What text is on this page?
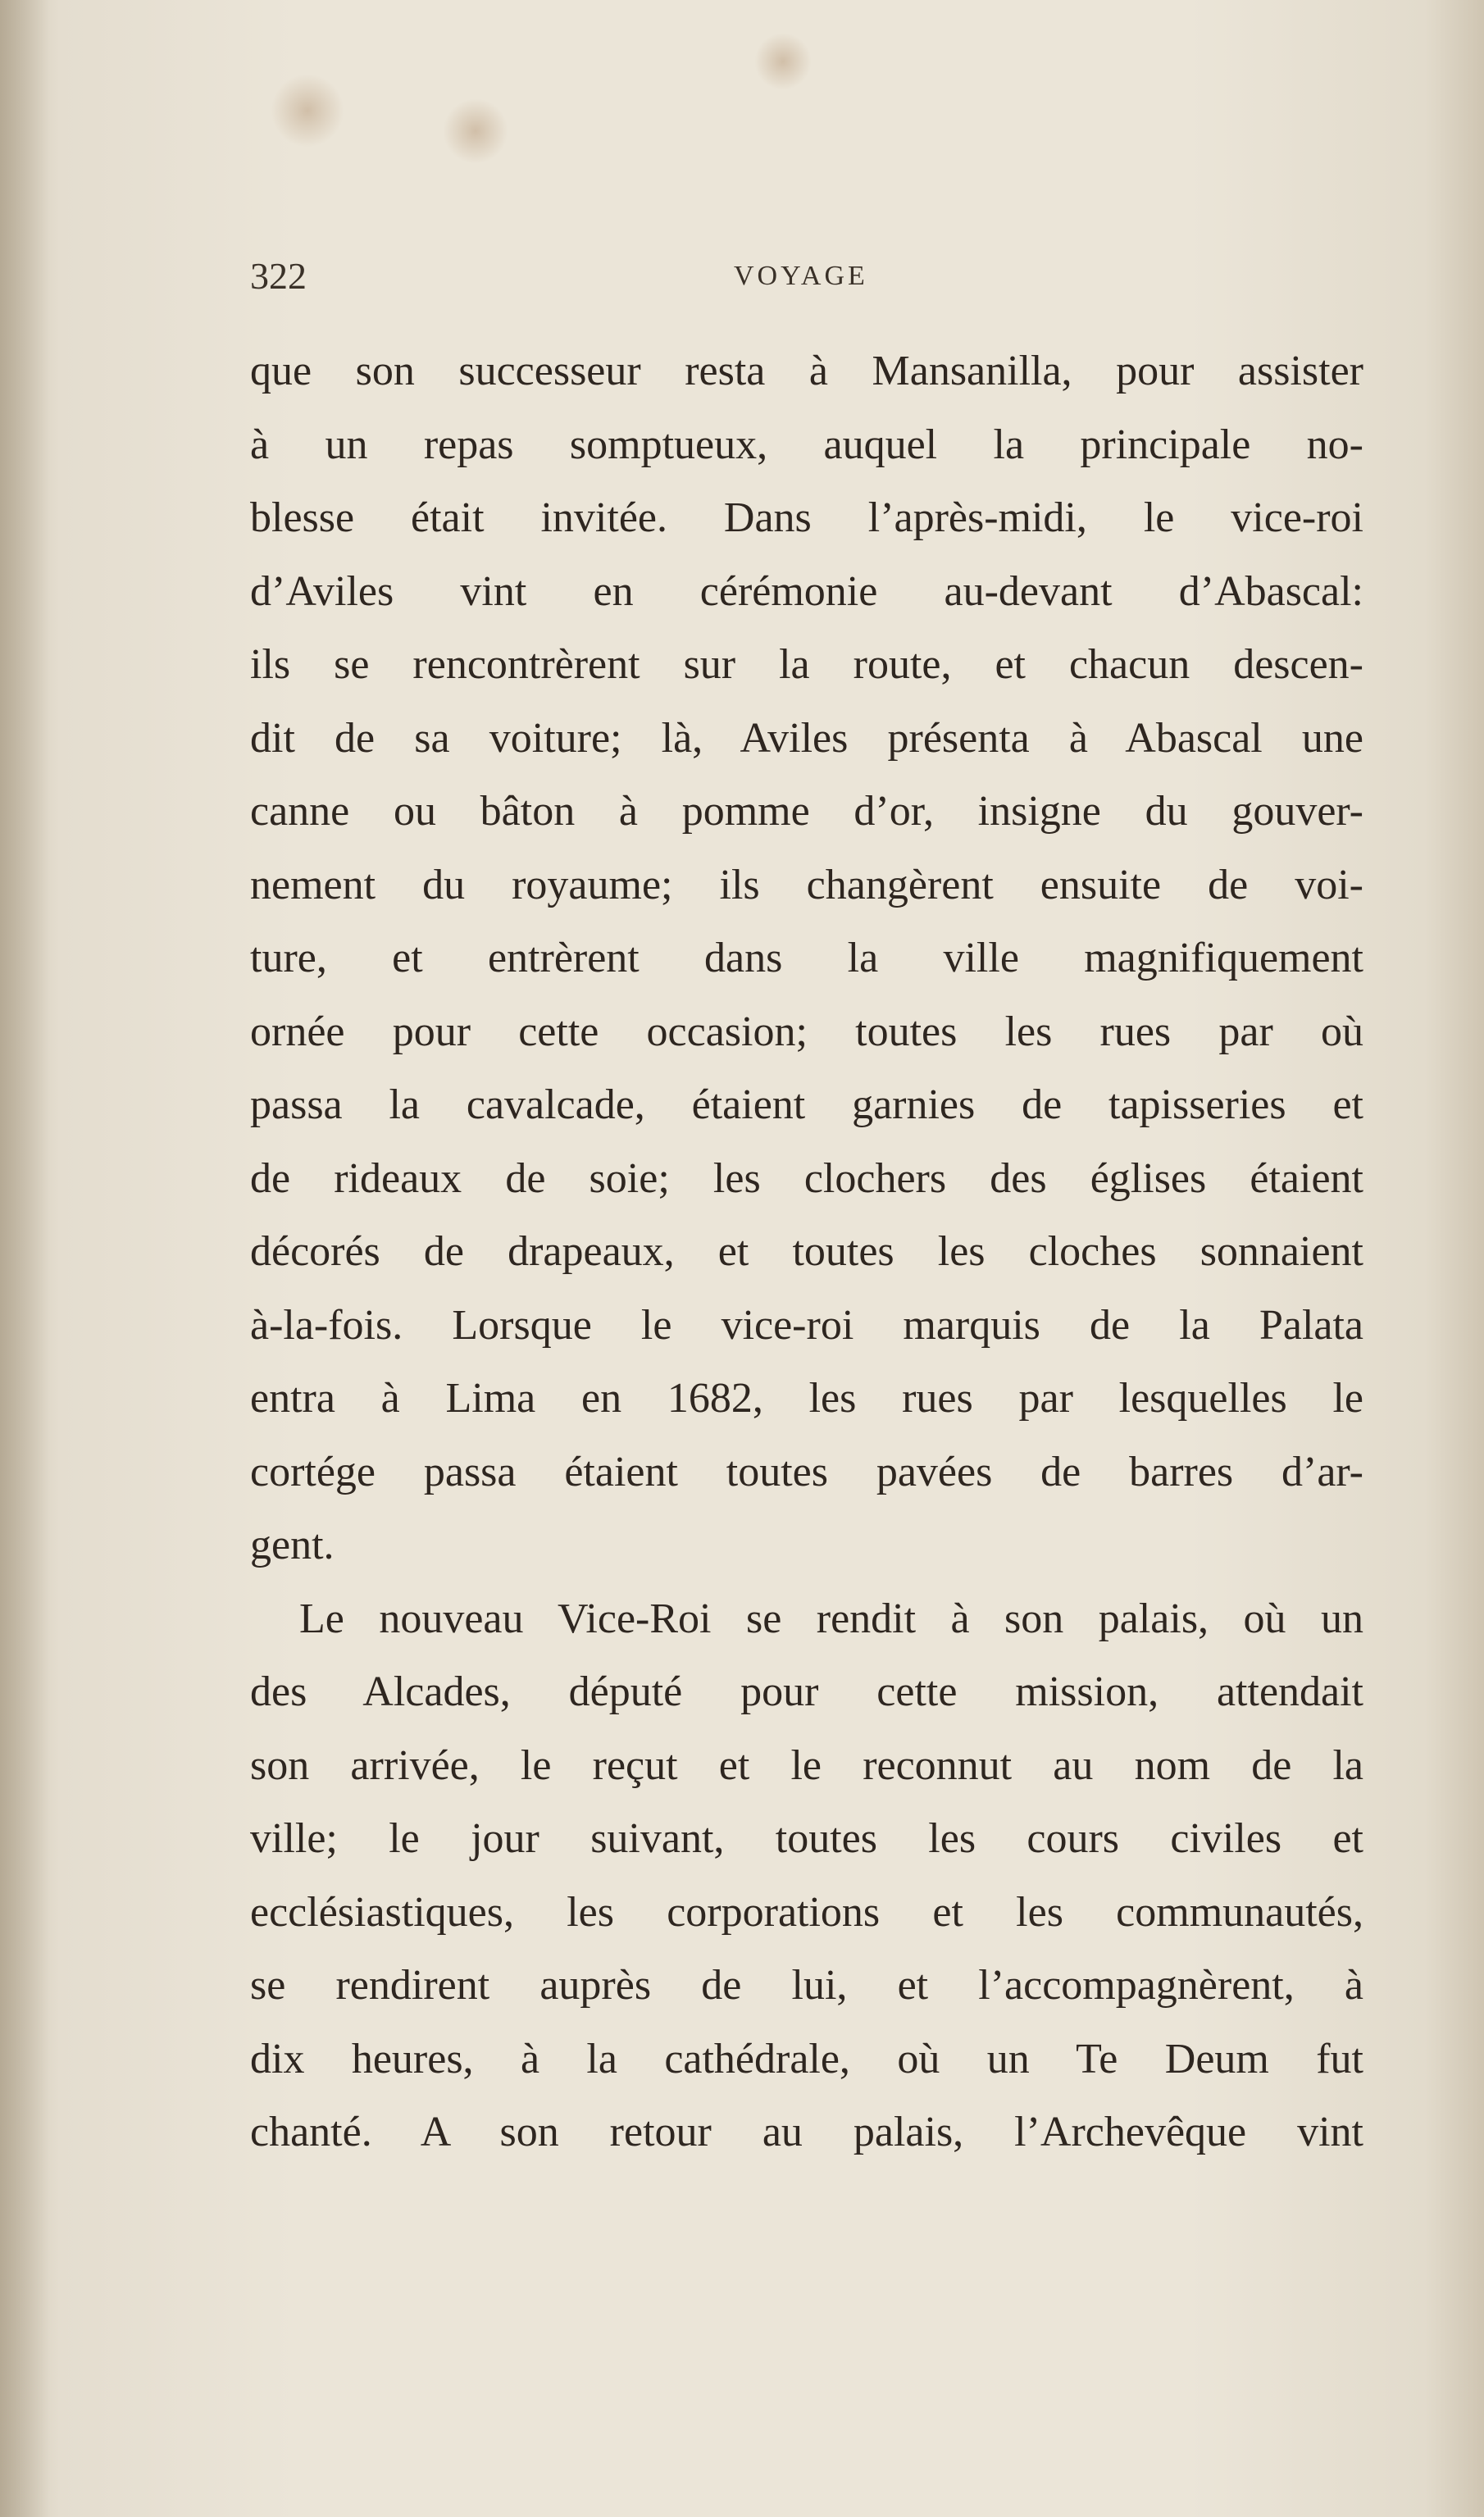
322	VOYAGE
que son successeur resta à Mansanilla, pour assister
à un repas somptueux, auquel la principale no-
blesse était invitée. Dans l’après-midi, le vice-roi
d’Aviles vint en cérémonie au-devant d’Abascal:
ils se rencontrèrent sur la route, et chacun descen-
dit de sa voiture; là, Aviles présenta à Abascal une
canne ou bâton à pomme d’or, insigne du gouver-
nement du royaume; ils changèrent ensuite de voi-
ture, et entrèrent dans la ville magnifiquement
ornée pour cette occasion; toutes les rues par où
passa la cavalcade, étaient garnies de tapisseries et
de rideaux de soie; les clochers des églises étaient
décorés de drapeaux, et toutes les cloches sonnaient
à-la-fois. Lorsque le vice-roi marquis de la Palata
entra à Lima en 1682, les rues par lesquelles le
cortége passa étaient toutes pavées de barres d’ar-
gent.
Le nouveau Vice-Roi se rendit à son palais, où un
des Alcades, député pour cette mission, attendait
son arrivée, le reçut et le reconnut au nom de la
ville; le jour suivant, toutes les cours civiles et
ecclésiastiques, les corporations et les communautés,
se rendirent auprès de lui, et l’accompagnèrent, à
dix heures, à la cathédrale, où un Te Deum fut
chanté. A son retour au palais, l’Archevêque vint
